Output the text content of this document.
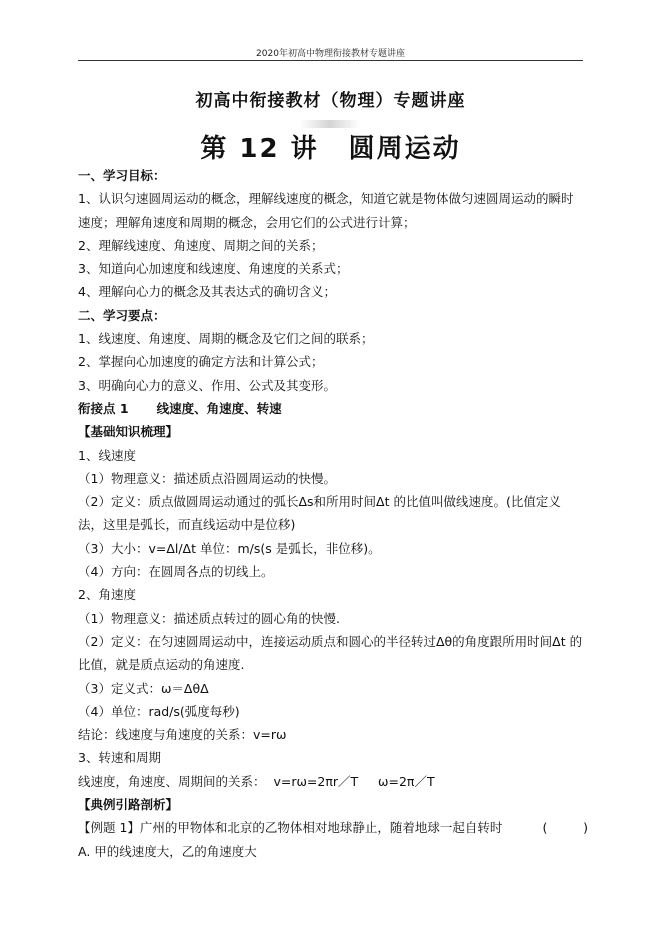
2020年初高中物理衔接教材专题讲座
初高中衔接教材（物理）专题讲座
第 12 讲 圆周运动
一、学习目标：
1、认识匀速圆周运动的概念，理解线速度的概念，知道它就是物体做匀速圆周运动的瞬时速度；理解角速度和周期的概念，会用它们的公式进行计算；
2、理解线速度、角速度、周期之间的关系；
3、知道向心加速度和线速度、角速度的关系式；
4、理解向心力的概念及其表达式的确切含义；
二、学习要点：
1、线速度、角速度、周期的概念及它们之间的联系；
2、掌握向心加速度的确定方法和计算公式；
3、明确向心力的意义、作用、公式及其变形。
衔接点 1 线速度、角速度、转速
【基础知识梳理】
1、线速度
（1）物理意义：描述质点沿圆周运动的快慢。
（2）定义：质点做圆周运动通过的弧长Δs和所用时间Δt 的比值叫做线速度。(比值定义法，这里是弧长，而直线运动中是位移)
（3）大小：v=Δl/Δt 单位：m/s(s 是弧长，非位移)。
（4）方向：在圆周各点的切线上。
2、角速度
（1）物理意义：描述质点转过的圆心角的快慢.
（2）定义：在匀速圆周运动中，连接运动质点和圆心的半径转过Δθ的角度跟所用时间Δt 的比值，就是质点运动的角速度.
（3）定义式：ω＝ΔθΔ
（4）单位：rad/s(弧度每秒)
结论：线速度与角速度的关系：v=rω
3、转速和周期
线速度，角速度、周期间的关系：  v=rω=2πr／T     ω=2π／T
【典例引路剖析】
【例题 1】广州的甲物体和北京的乙物体相对地球静止，随着地球一起自转时	(         )
A. 甲的线速度大，乙的角速度大
